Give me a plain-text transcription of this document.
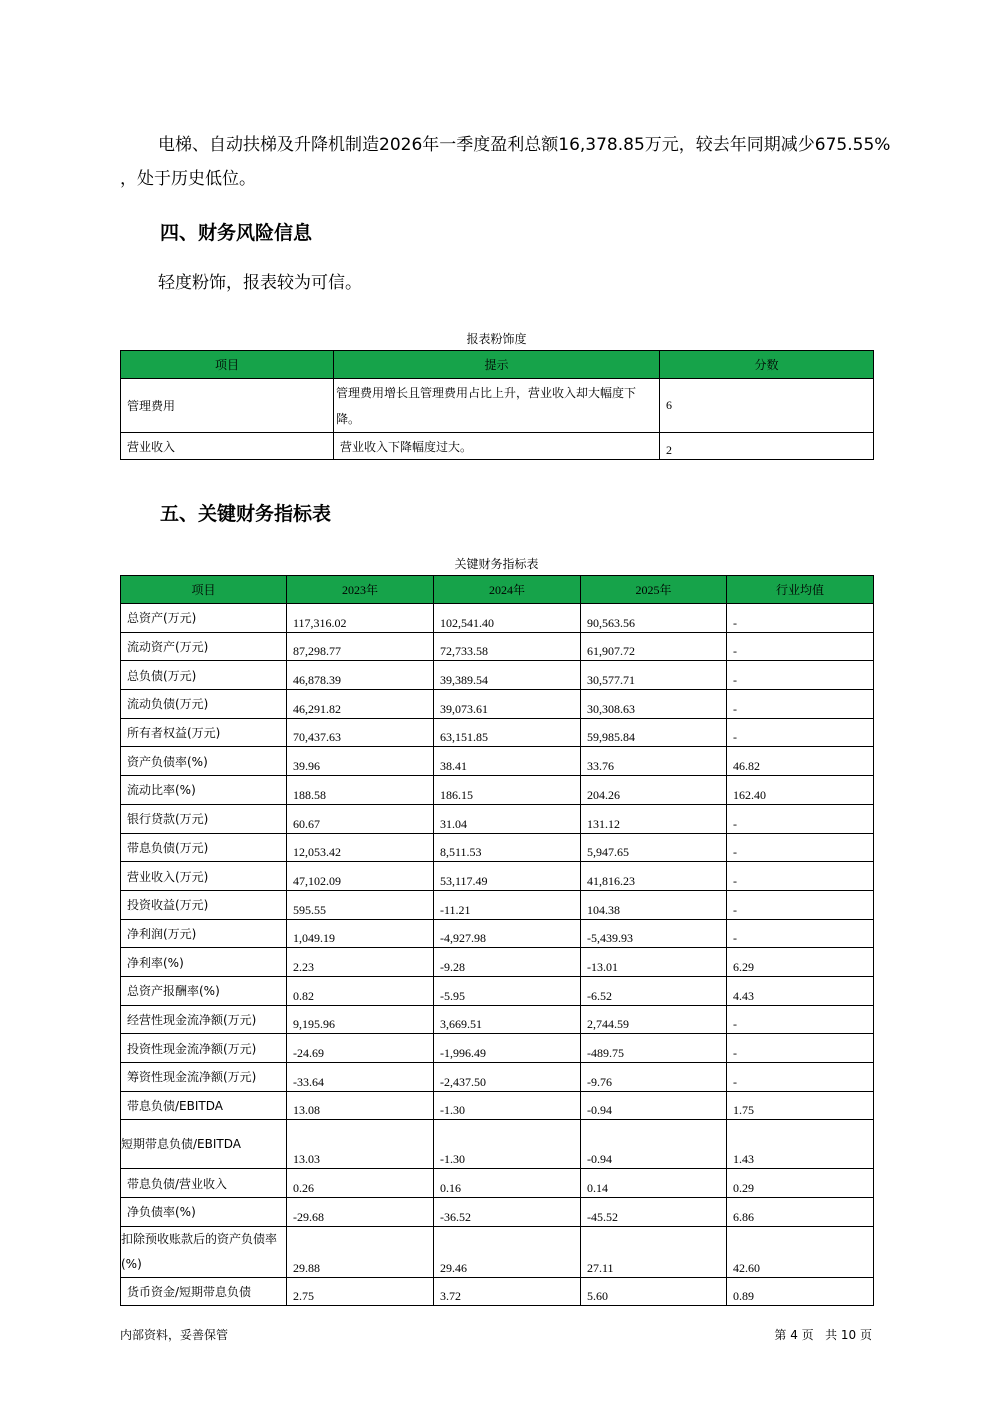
电梯、自动扶梯及升降机制造2026年一季度盈利总额16,378.85万元，较去年同期减少675.55%
，处于历史低位。
四、财务风险信息
轻度粉饰，报表较为可信。
报表粉饰度
项目	提示	分数
管理费用	管理费用增长且管理费用占比上升，营业收入却大幅度下降。	6
营业收入	营业收入下降幅度过大。	2
五、关键财务指标表
关键财务指标表
项目	2023年	2024年	2025年	行业均值
总资产(万元)	117,316.02	102,541.40	90,563.56	-
流动资产(万元)	87,298.77	72,733.58	61,907.72	-
总负债(万元)	46,878.39	39,389.54	30,577.71	-
流动负债(万元)	46,291.82	39,073.61	30,308.63	-
所有者权益(万元)	70,437.63	63,151.85	59,985.84	-
资产负债率(%)	39.96	38.41	33.76	46.82
流动比率(%)	188.58	186.15	204.26	162.40
银行贷款(万元)	60.67	31.04	131.12	-
带息负债(万元)	12,053.42	8,511.53	5,947.65	-
营业收入(万元)	47,102.09	53,117.49	41,816.23	-
投资收益(万元)	595.55	-11.21	104.38	-
净利润(万元)	1,049.19	-4,927.98	-5,439.93	-
净利率(%)	2.23	-9.28	-13.01	6.29
总资产报酬率(%)	0.82	-5.95	-6.52	4.43
经营性现金流净额(万元)	9,195.96	3,669.51	2,744.59	-
投资性现金流净额(万元)	-24.69	-1,996.49	-489.75	-
筹资性现金流净额(万元)	-33.64	-2,437.50	-9.76	-
带息负债/EBITDA	13.08	-1.30	-0.94	1.75
短期带息负债/EBITDA	13.03	-1.30	-0.94	1.43
带息负债/营业收入	0.26	0.16	0.14	0.29
净负债率(%)	-29.68	-36.52	-45.52	6.86
扣除预收账款后的资产负债率(%)	29.88	29.46	27.11	42.60
货币资金/短期带息负债	2.75	3.72	5.60	0.89
内部资料，妥善保管	第 4 页   共 10 页
